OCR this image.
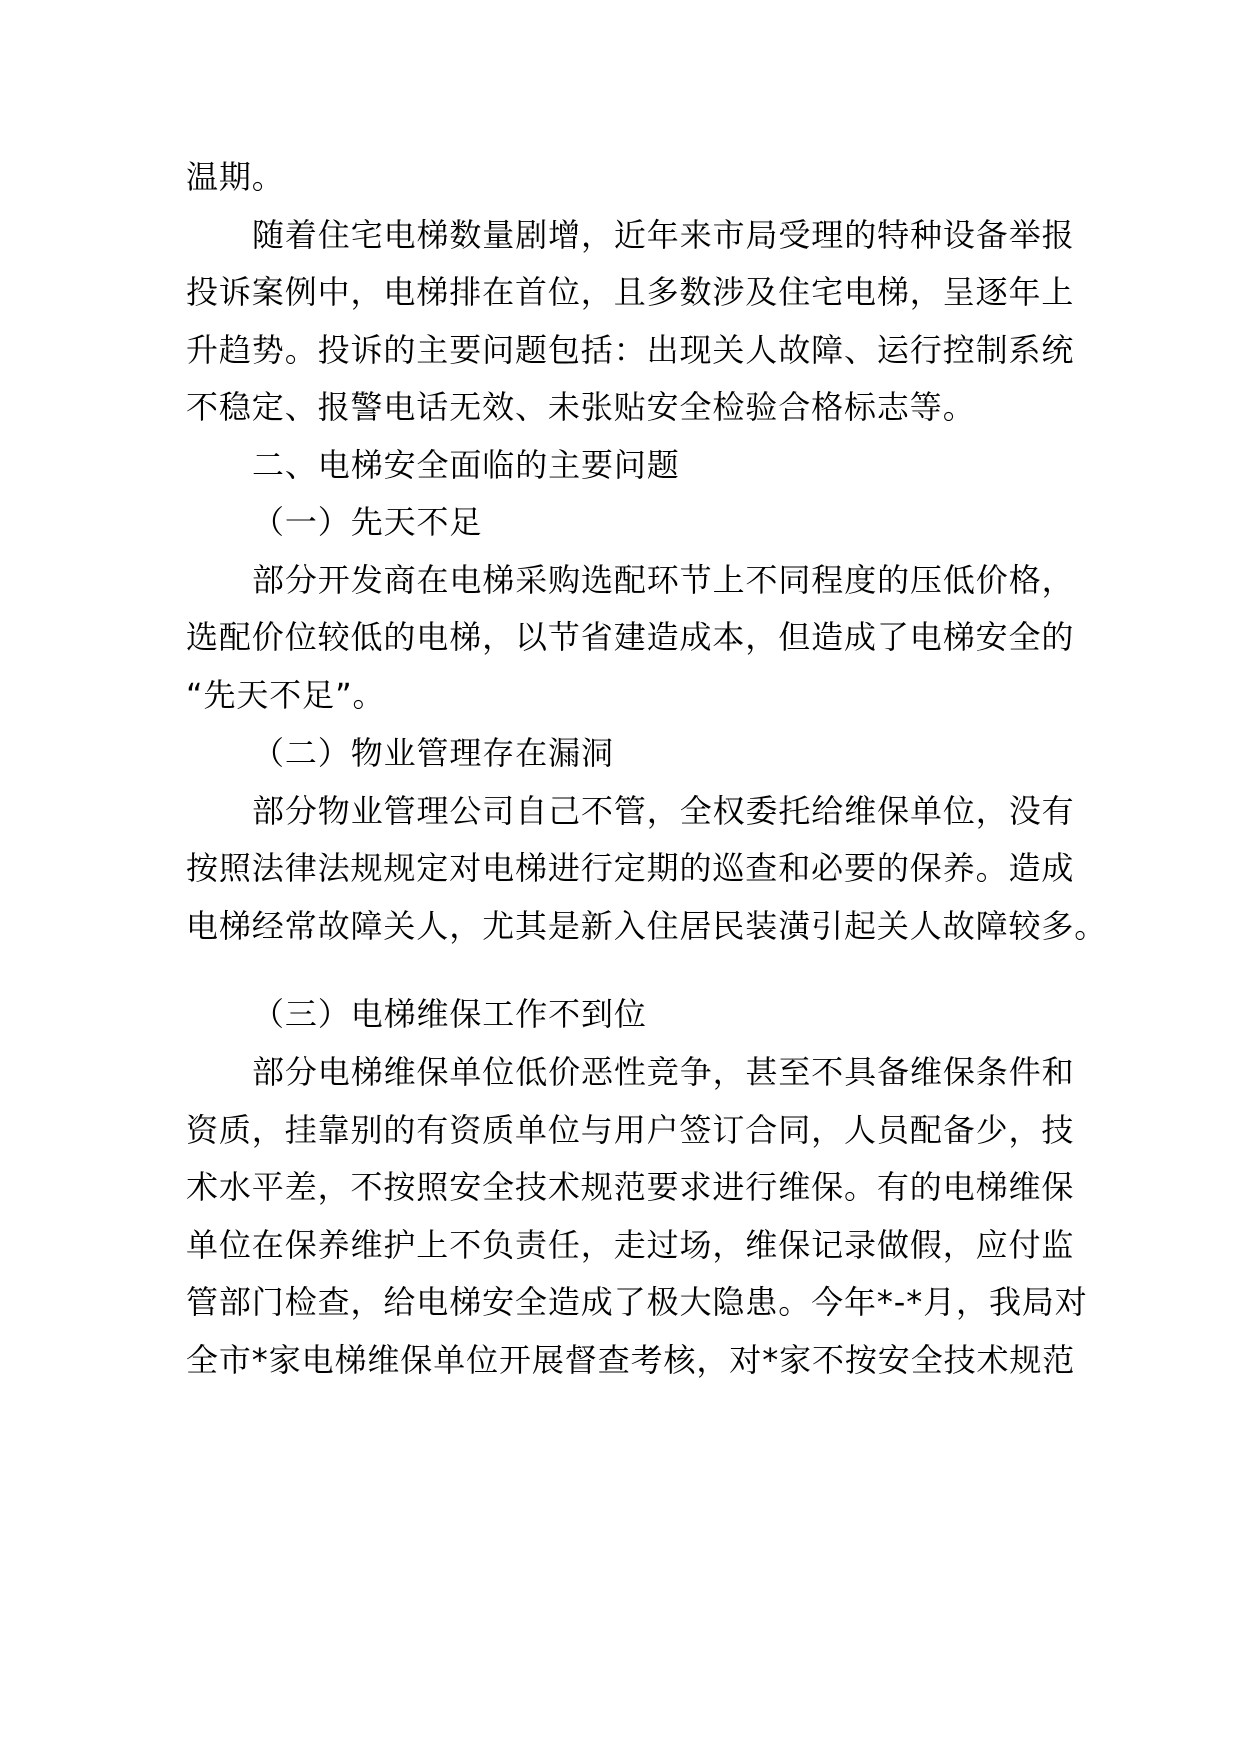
温期。

随着住宅电梯数量剧增，近年来市局受理的特种设备举报

投诉案例中，电梯排在首位，且多数涉及住宅电梯，呈逐年上

升趋势。投诉的主要问题包括：出现关人故障、运行控制系统

不稳定、报警电话无效、未张贴安全检验合格标志等。

二、电梯安全面临的主要问题

（一）先天不足

部分开发商在电梯采购选配环节上不同程度的压低价格，

选配价位较低的电梯，以节省建造成本，但造成了电梯安全的

“先天不足”。

（二）物业管理存在漏洞

部分物业管理公司自己不管，全权委托给维保单位，没有

按照法律法规规定对电梯进行定期的巡查和必要的保养。造成

电梯经常故障关人，尤其是新入住居民装潢引起关人故障较多。

（三）电梯维保工作不到位

部分电梯维保单位低价恶性竞争，甚至不具备维保条件和

资质，挂靠别的有资质单位与用户签订合同，人员配备少，技

术水平差，不按照安全技术规范要求进行维保。有的电梯维保

单位在保养维护上不负责任，走过场，维保记录做假，应付监

管部门检查，给电梯安全造成了极大隐患。今年*-*月，我局对

全市*家电梯维保单位开展督查考核，对*家不按安全技术规范
